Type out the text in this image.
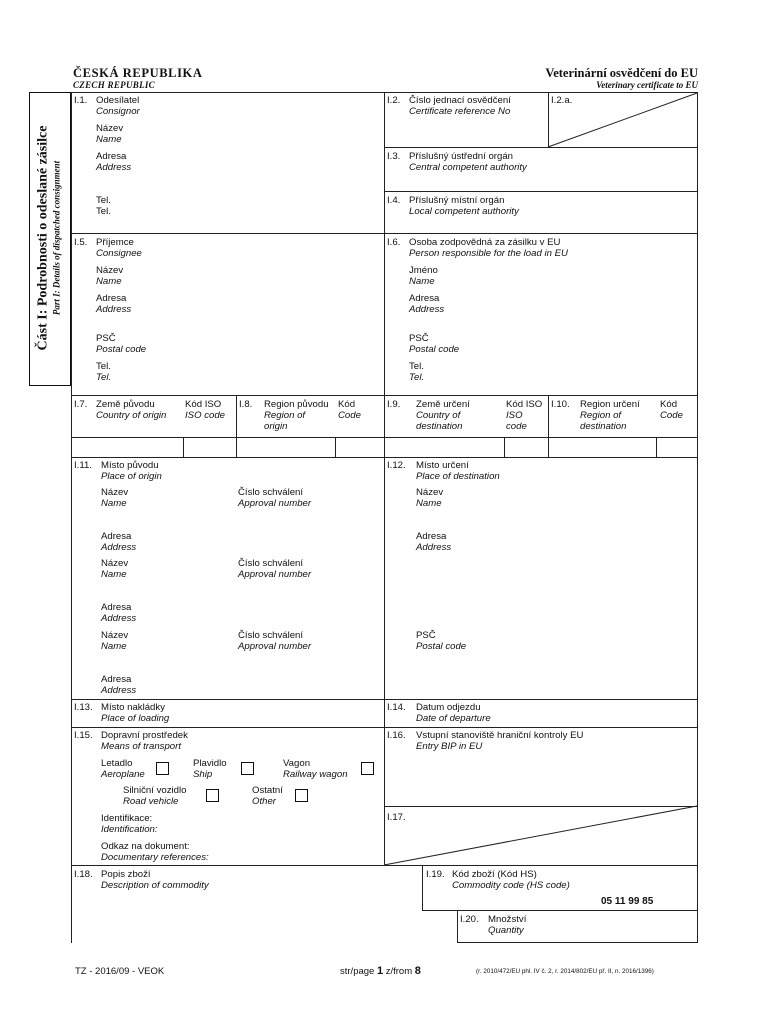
ČESKÁ REPUBLIKA
CZECH REPUBLIC
Veterinární osvědčení do EU
Veterinary certificate to EU
Část I: Podrobnosti o odeslané zásilce Part I: Details of dispatched consignment
I.1. Odesílatel
Consignor
Název
Name
Adresa
Address
Tel.
Tel.
I.2. Číslo jednací osvědčení
Certificate reference No
I.2.a.
I.3. Příslušný ústřední orgán
Central competent authority
I.4. Příslušný místní orgán
Local competent authority
I.5. Příjemce
Consignee
Název
Name
Adresa
Address
PSČ
Postal code
Tel.
Tel.
I.6. Osoba zodpovědná za zásilku v EU
Person responsible for the load in EU
Jméno
Name
Adresa
Address
PSČ
Postal code
Tel.
Tel.
I.7. Země původu
Country of origin
Kód ISO
ISO code
I.8. Region původu
Region of
origin
Kód
Code
I.9. Země určení
Country of
destination
Kód ISO
ISO
code
I.10. Region určení
Region of
destination
Kód
Code
I.11. Místo původu
Place of origin
Název
Name
Číslo schválení
Approval number
Adresa
Address
Název
Name
Číslo schválení
Approval number
Adresa
Address
Název
Name
Číslo schválení
Approval number
Adresa
Address
I.12. Místo určení
Place of destination
Název
Name
Adresa
Address
PSČ
Postal code
I.13. Místo nakládky
Place of loading
I.14. Datum odjezdu
Date of departure
I.15. Dopravní prostředek
Means of transport
Letadlo
Aeroplane
Plavidlo
Ship
Vagon
Railway wagon
Silniční vozidlo
Road vehicle
Ostatní
Other
Identifikace:
Identification:
Odkaz na dokument:
Documentary references:
I.16. Vstupní stanoviště hraniční kontroly EU
Entry BIP in EU
I.17.
I.18. Popis zboží
Description of commodity
I.19. Kód zboží (Kód HS)
Commodity code (HS code)
05 11 99 85
I.20. Množství
Quantity
TZ - 2016/09 - VEOK	str/page 1 z/from 8	(r. 2010/472/EU phl. IV č. 2, r. 2014/802/EU př. II, n. 2016/1396)
